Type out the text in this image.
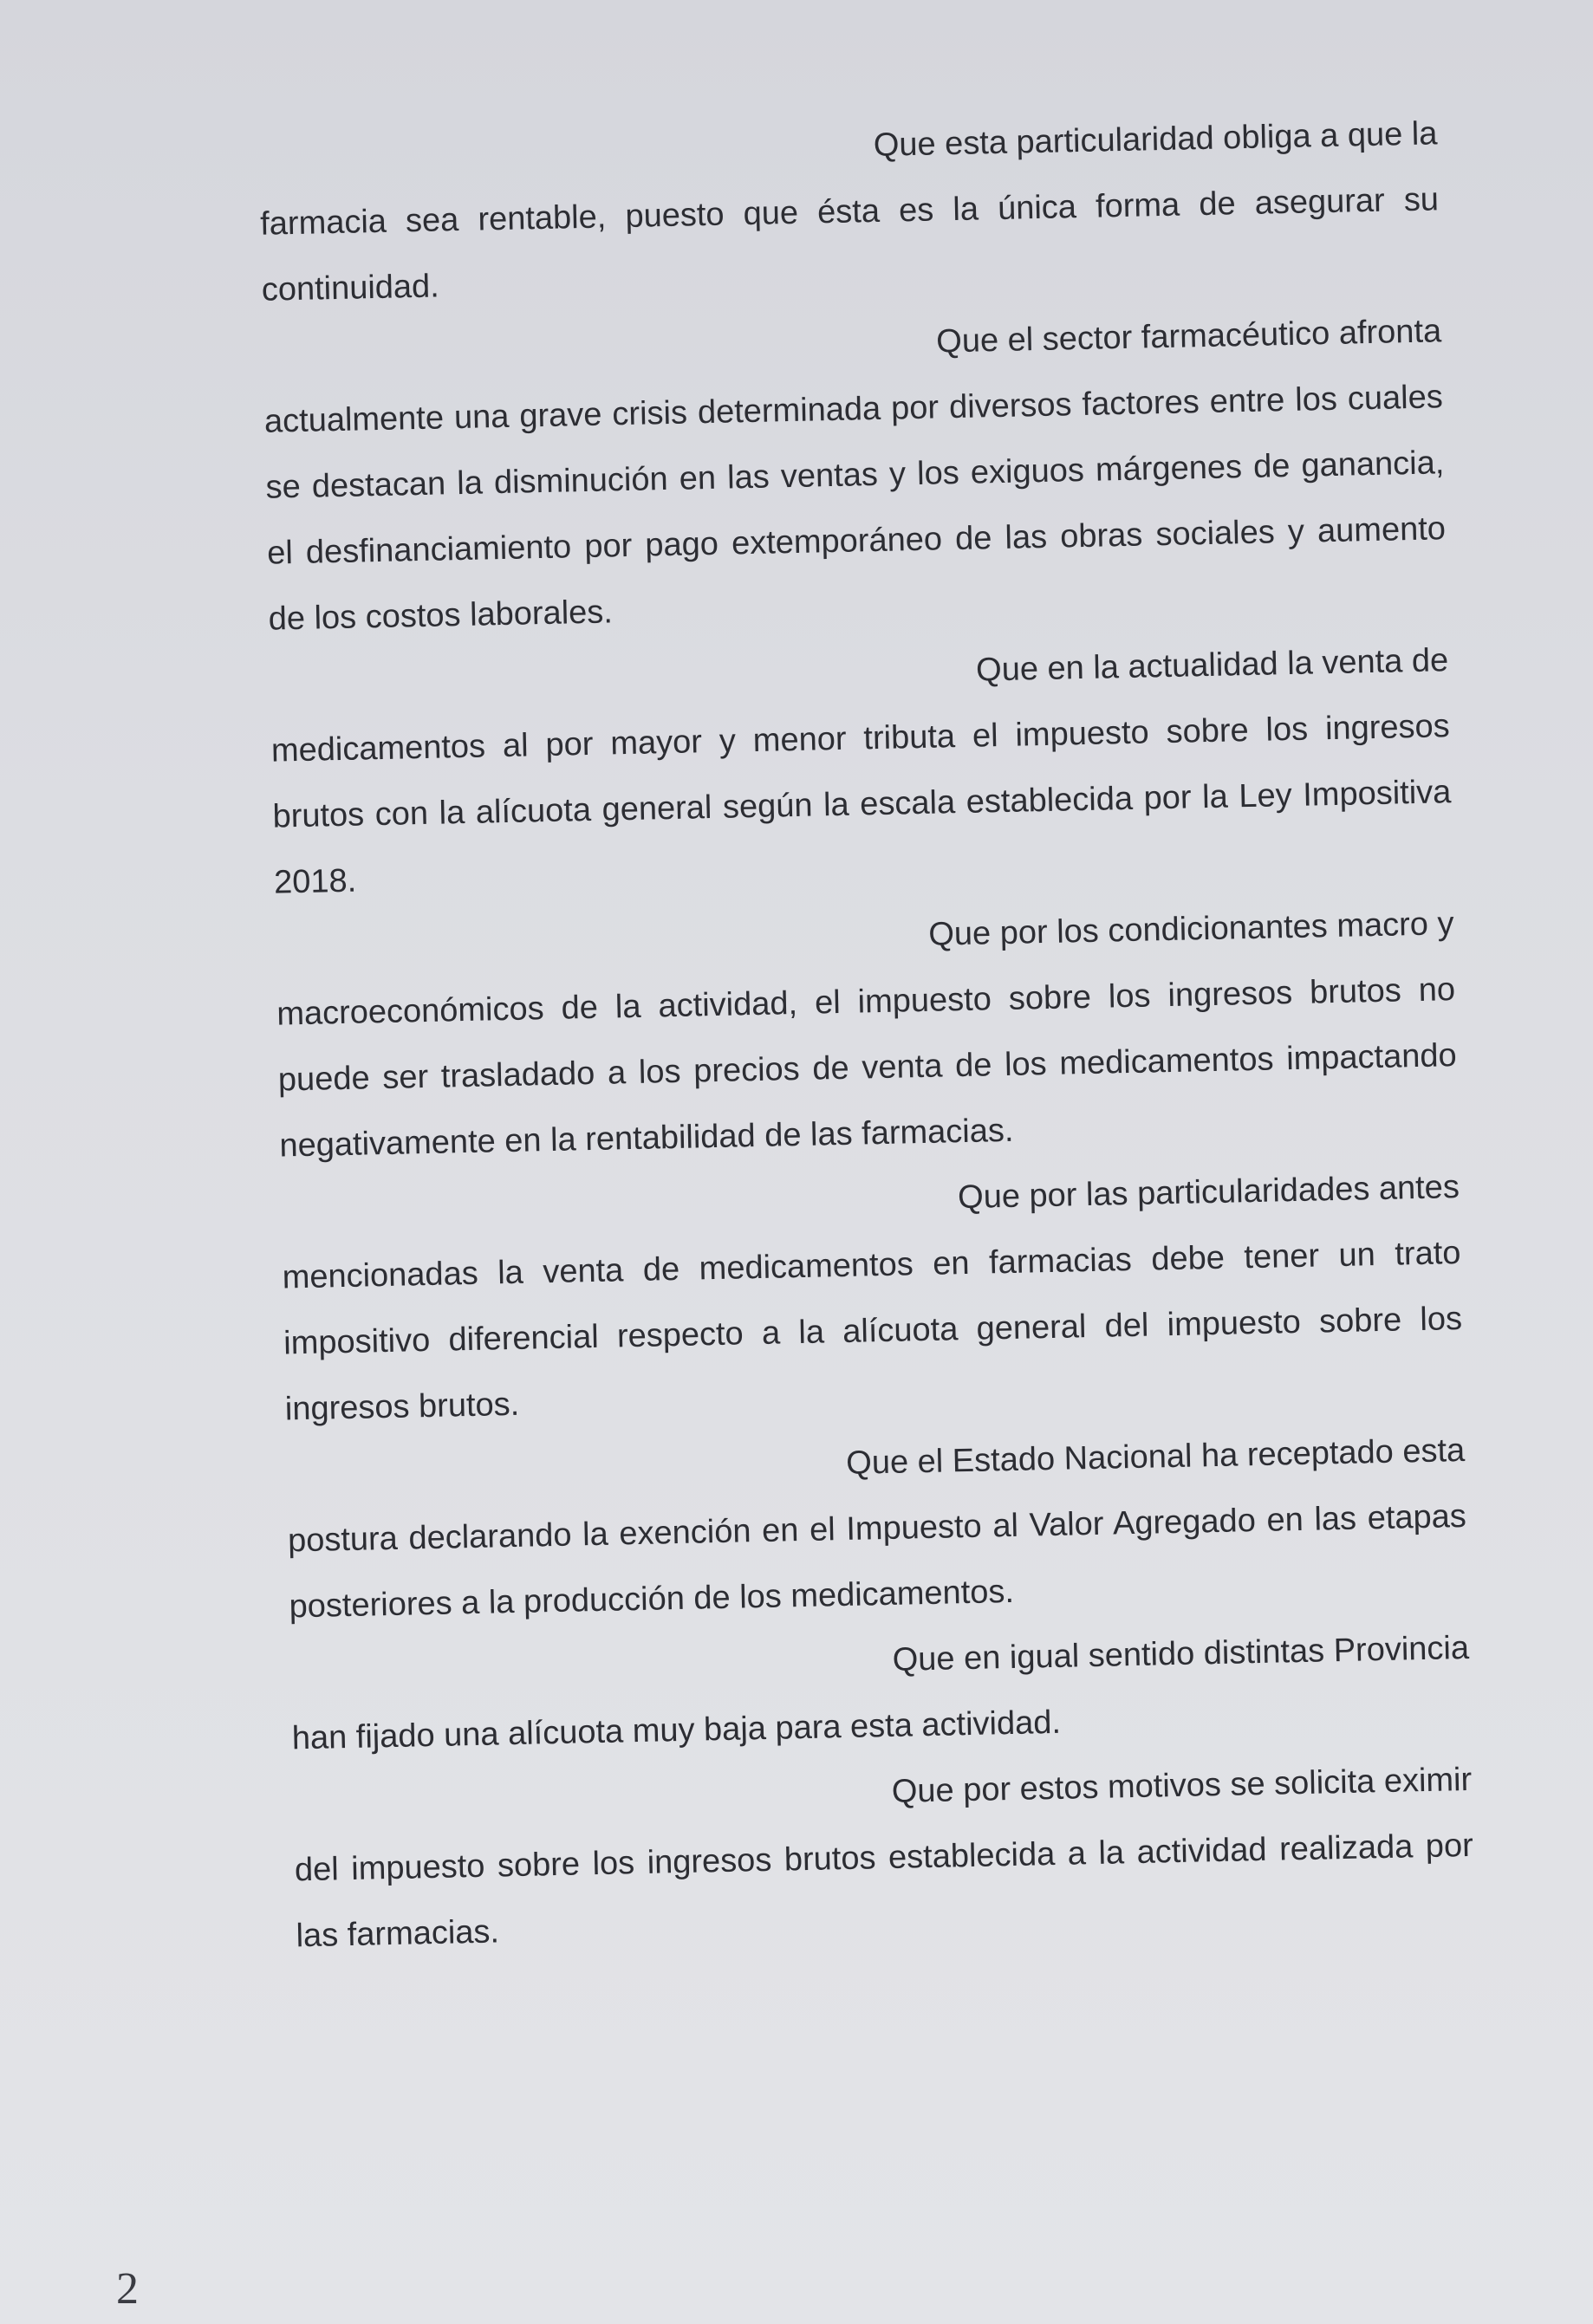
Que esta particularidad obliga a que la
farmacia sea rentable, puesto que ésta es la única forma de asegurar su continuidad.

Que el sector farmacéutico afronta
actualmente una grave crisis determinada por diversos factores entre los cuales se destacan la disminución en las ventas y los exiguos márgenes de ganancia, el desfinanciamiento por pago extemporáneo de las obras sociales y aumento de los costos laborales.

Que en la actualidad la venta de
medicamentos al por mayor y menor tributa el impuesto sobre los ingresos brutos con la alícuota general según la escala establecida por la Ley Impositiva 2018.

Que por los condicionantes macro y
macroeconómicos de la actividad, el impuesto sobre los ingresos brutos no puede ser trasladado a los precios de venta de los medicamentos impactando negativamente en la rentabilidad de las farmacias.

Que por las particularidades antes
mencionadas la venta de medicamentos en farmacias debe tener un trato impositivo diferencial respecto a la alícuota general del impuesto sobre los ingresos brutos.

Que el Estado Nacional ha receptado esta
postura declarando la exención en el Impuesto al Valor Agregado en las etapas posteriores a la producción de los medicamentos.

Que en igual sentido distintas Provincia
han fijado una alícuota muy baja para esta actividad.

Que por estos motivos se solicita eximir
del impuesto sobre los ingresos brutos establecida a la actividad realizada por las farmacias.

2
